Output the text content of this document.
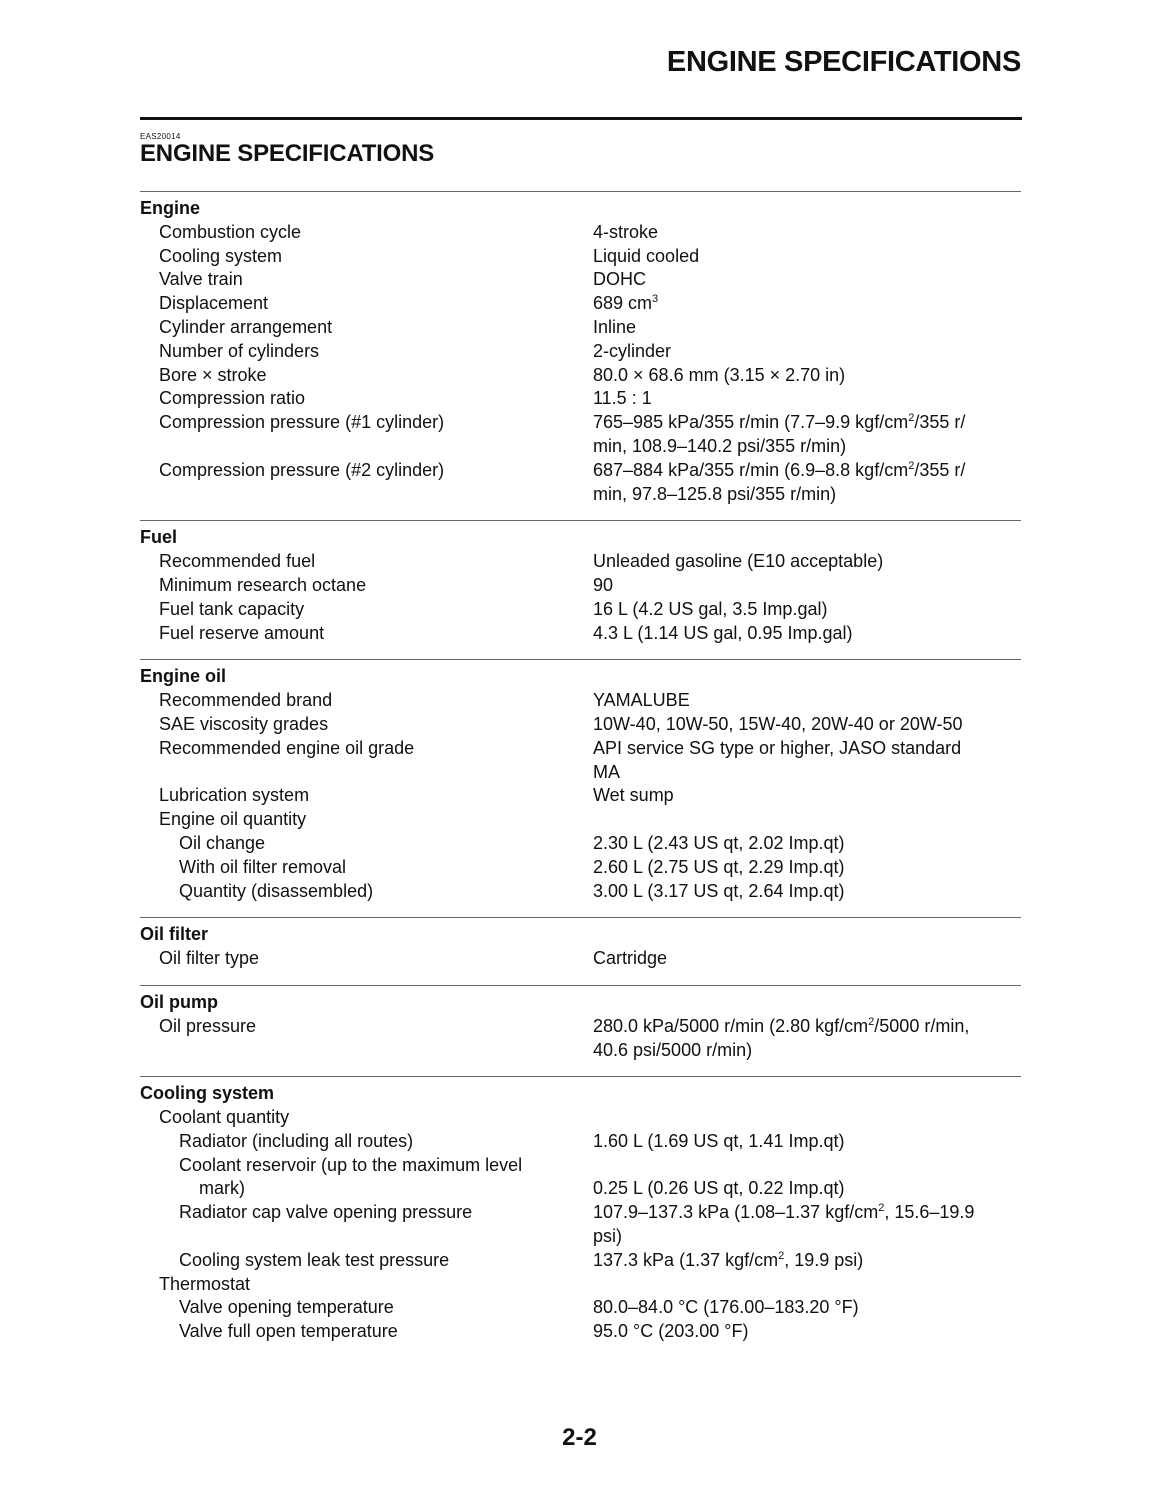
ENGINE SPECIFICATIONS
EAS20014
ENGINE SPECIFICATIONS
Engine
Combustion cycle	4-stroke
Cooling system	Liquid cooled
Valve train	DOHC
Displacement	689 $cm^3$
Cylinder arrangement	Inline
Number of cylinders	2-cylinder
Bore × stroke	80.0 × 68.6 mm (3.15 × 2.70 in)
Compression ratio	11.5 : 1
Compression pressure (#1 cylinder)	765–985 kPa/355 r/min (7.7–9.9 kgf/$cm^2/355$ r/
min, 108.9–140.2 psi/355 r/min)
Compression pressure (#2 cylinder)	687–884 kPa/355 r/min (6.9–8.8 kgf/$cm^2/355$ r/
min, 97.8–125.8 psi/355 r/min)
Fuel
Recommended fuel	Unleaded gasoline (E10 acceptable)
Minimum research octane	90
Fuel tank capacity	16 L (4.2 US gal, 3.5 Imp.gal)
Fuel reserve amount	4.3 L (1.14 US gal, 0.95 Imp.gal)
Engine oil
Recommended brand	YAMALUBE
SAE viscosity grades	10W-40, 10W-50, 15W-40, 20W-40 or 20W-50
Recommended engine oil grade	API service SG type or higher, JASO standard
MA
Lubrication system	Wet sump
Engine oil quantity
Oil change	2.30 L (2.43 US qt, 2.02 Imp.qt)
With oil filter removal	2.60 L (2.75 US qt, 2.29 Imp.qt)
Quantity (disassembled)	3.00 L (3.17 US qt, 2.64 Imp.qt)
Oil filter
Oil filter type	Cartridge
Oil pump
Oil pressure	280.0 kPa/5000 r/min (2.80 kgf/$cm^2/5000$ r/min,
40.6 psi/5000 r/min)
Cooling system
Coolant quantity
Radiator (including all routes)	1.60 L (1.69 US qt, 1.41 Imp.qt)
Coolant reservoir (up to the maximum level
mark)
	0.25 L (0.26 US qt, 0.22 Imp.qt)
Radiator cap valve opening pressure	107.9–137.3 kPa (1.08–1.37 kgf/$cm^2$, 15.6–19.9
psi)
Cooling system leak test pressure	137.3 kPa (1.37 kgf/$cm^2$, 19.9 psi)
Thermostat
Valve opening temperature	80.0–84.0 °C (176.00–183.20 °F)
Valve full open temperature	95.0 °C (203.00 °F)
2-2
